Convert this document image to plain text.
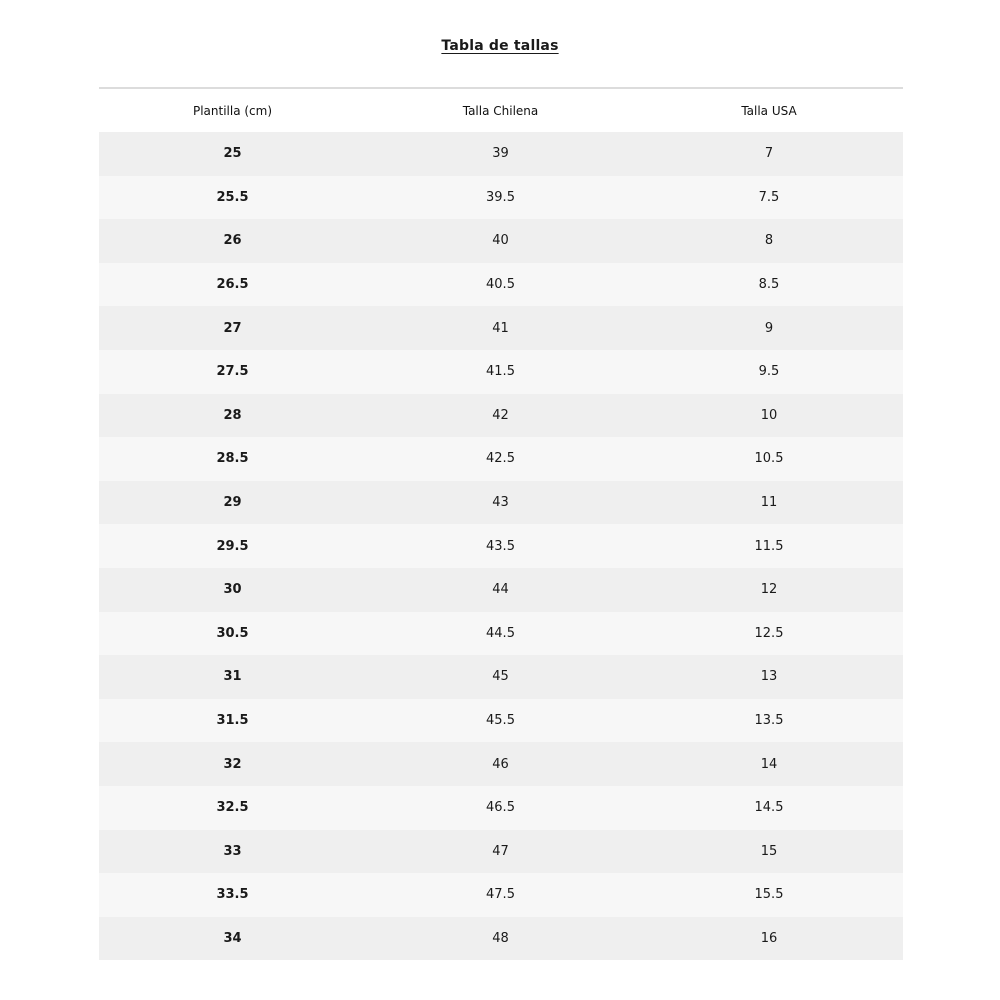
Tabla de tallas
Plantilla (cm)	Talla Chilena	Talla USA
25	39	7
25.5	39.5	7.5
26	40	8
26.5	40.5	8.5
27	41	9
27.5	41.5	9.5
28	42	10
28.5	42.5	10.5
29	43	11
29.5	43.5	11.5
30	44	12
30.5	44.5	12.5
31	45	13
31.5	45.5	13.5
32	46	14
32.5	46.5	14.5
33	47	15
33.5	47.5	15.5
34	48	16
